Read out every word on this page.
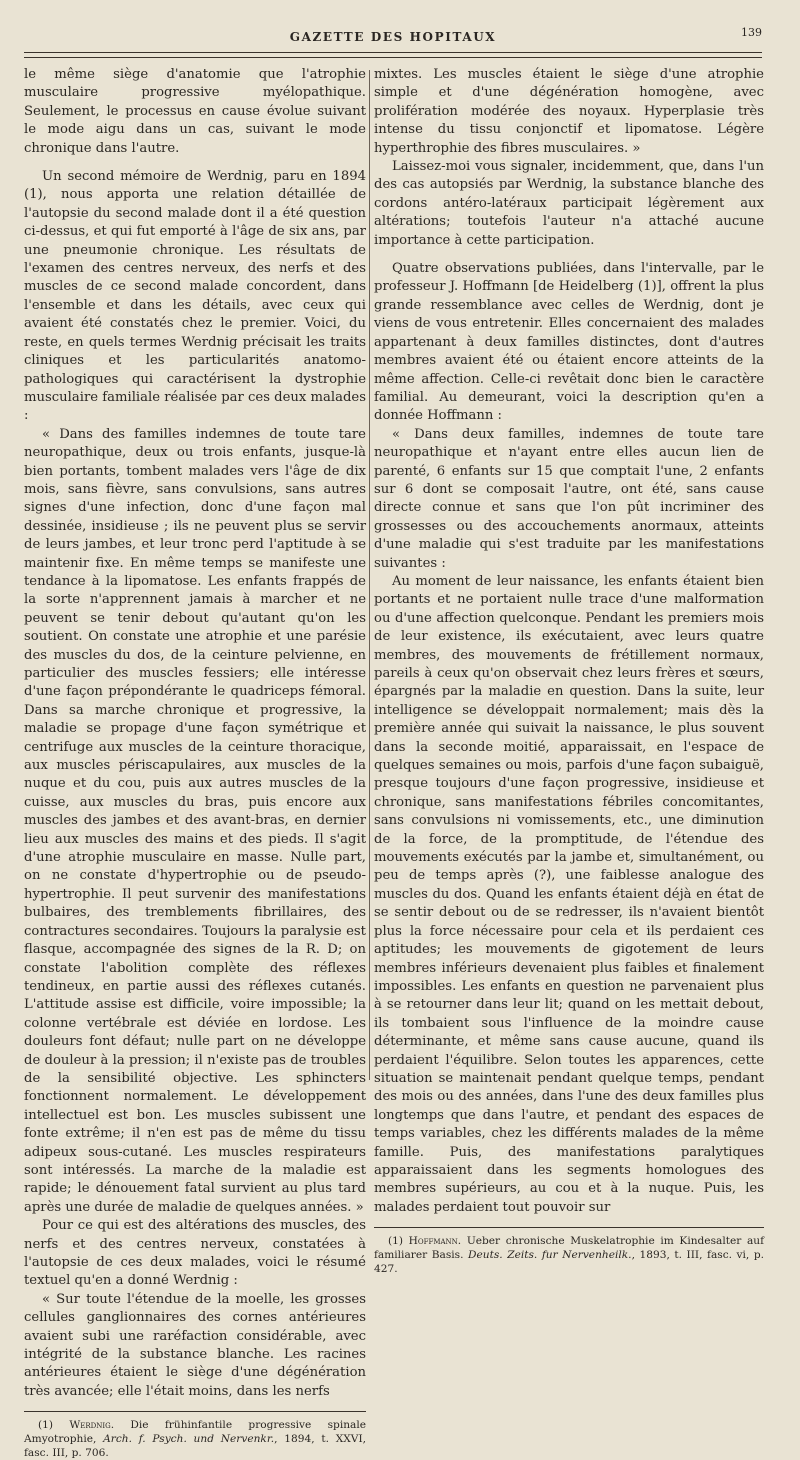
GAZETTE DES HOPITAUX	139

le même siège d'anatomie que l'atrophie musculaire progressive myélopathique. Seulement, le processus en cause évolue suivant le mode aigu dans un cas, suivant le mode chronique dans l'autre.

Un second mémoire de Werdnig, paru en 1894 (1), nous apporta une relation détaillée de l'autopsie du second malade dont il a été question ci-dessus, et qui fut emporté à l'âge de six ans, par une pneumonie chronique. Les résultats de l'examen des centres nerveux, des nerfs et des muscles de ce second malade concordent, dans l'ensemble et dans les détails, avec ceux qui avaient été constatés chez le premier. Voici, du reste, en quels termes Werdnig précisait les traits cliniques et les particularités anatomo-pathologiques qui caractérisent la dystrophie musculaire familiale réalisée par ces deux malades :

« Dans des familles indemnes de toute tare neuropathique, deux ou trois enfants, jusque-là bien portants, tombent malades vers l'âge de dix mois, sans fièvre, sans convulsions, sans autres signes d'une infection, donc d'une façon mal dessinée, insidieuse ; ils ne peuvent plus se servir de leurs jambes, et leur tronc perd l'aptitude à se maintenir fixe. En même temps se manifeste une tendance à la lipomatose. Les enfants frappés de la sorte n'apprennent jamais à marcher et ne peuvent se tenir debout qu'autant qu'on les soutient. On constate une atrophie et une parésie des muscles du dos, de la ceinture pelvienne, en particulier des muscles fessiers; elle intéresse d'une façon prépondérante le quadriceps fémoral. Dans sa marche chronique et progressive, la maladie se propage d'une façon symétrique et centrifuge aux muscles de la ceinture thoracique, aux muscles périscapulaires, aux muscles de la nuque et du cou, puis aux autres muscles de la cuisse, aux muscles du bras, puis encore aux muscles des jambes et des avant-bras, en dernier lieu aux muscles des mains et des pieds. Il s'agit d'une atrophie musculaire en masse. Nulle part, on ne constate d'hypertrophie ou de pseudo-hypertrophie. Il peut survenir des manifestations bulbaires, des tremblements fibrillaires, des contractures secondaires. Toujours la paralysie est flasque, accompagnée des signes de la R. D; on constate l'abolition complète des réflexes tendineux, en partie aussi des réflexes cutanés. L'attitude assise est difficile, voire impossible; la colonne vertébrale est déviée en lordose. Les douleurs font défaut; nulle part on ne développe de douleur à la pression; il n'existe pas de troubles de la sensibilité objective. Les sphincters fonctionnent normalement. Le développement intellectuel est bon. Les muscles subissent une fonte extrême; il n'en est pas de même du tissu adipeux sous-cutané. Les muscles respirateurs sont intéressés. La marche de la maladie est rapide; le dénouement fatal survient au plus tard après une durée de maladie de quelques années. »

Pour ce qui est des altérations des muscles, des nerfs et des centres nerveux, constatées à l'autopsie de ces deux malades, voici le résumé textuel qu'en a donné Werdnig :

« Sur toute l'étendue de la moelle, les grosses cellules ganglionnaires des cornes antérieures avaient subi une raréfaction considérable, avec intégrité de la substance blanche. Les racines antérieures étaient le siège d'une dégénération très avancée; elle l'était moins, dans les nerfs

(1) Werdnig. Die frühinfantile progressive spinale Amyotrophie, Arch. f. Psych. und Nervenkr., 1894, t. XXVI, fasc. III, p. 706.

mixtes. Les muscles étaient le siège d'une atrophie simple et d'une dégénération homogène, avec prolifération modérée des noyaux. Hyperplasie très intense du tissu conjonctif et lipomatose. Légère hyperthrophie des fibres musculaires. »

Laissez-moi vous signaler, incidemment, que, dans l'un des cas autopsiés par Werdnig, la substance blanche des cordons antéro-latéraux participait légèrement aux altérations; toutefois l'auteur n'a attaché aucune importance à cette participation.

Quatre observations publiées, dans l'intervalle, par le professeur J. Hoffmann [de Heidelberg (1)], offrent la plus grande ressemblance avec celles de Werdnig, dont je viens de vous entretenir. Elles concernaient des malades appartenant à deux familles distinctes, dont d'autres membres avaient été ou étaient encore atteints de la même affection. Celle-ci revêtait donc bien le caractère familial. Au demeurant, voici la description qu'en a donnée Hoffmann :

« Dans deux familles, indemnes de toute tare neuropathique et n'ayant entre elles aucun lien de parenté, 6 enfants sur 15 que comptait l'une, 2 enfants sur 6 dont se composait l'autre, ont été, sans cause directe connue et sans que l'on pût incriminer des grossesses ou des accouchements anormaux, atteints d'une maladie qui s'est traduite par les manifestations suivantes :

Au moment de leur naissance, les enfants étaient bien portants et ne portaient nulle trace d'une malformation ou d'une affection quelconque. Pendant les premiers mois de leur existence, ils exécutaient, avec leurs quatre membres, des mouvements de frétillement normaux, pareils à ceux qu'on observait chez leurs frères et sœurs, épargnés par la maladie en question. Dans la suite, leur intelligence se développait normalement; mais dès la première année qui suivait la naissance, le plus souvent dans la seconde moitié, apparaissait, en l'espace de quelques semaines ou mois, parfois d'une façon subaiguë, presque toujours d'une façon progressive, insidieuse et chronique, sans manifestations fébriles concomitantes, sans convulsions ni vomissements, etc., une diminution de la force, de la promptitude, de l'étendue des mouvements exécutés par la jambe et, simultanément, ou peu de temps après (?), une faiblesse analogue des muscles du dos. Quand les enfants étaient déjà en état de se sentir debout ou de se redresser, ils n'avaient bientôt plus la force nécessaire pour cela et ils perdaient ces aptitudes; les mouvements de gigotement de leurs membres inférieurs devenaient plus faibles et finalement impossibles. Les enfants en question ne parvenaient plus à se retourner dans leur lit; quand on les mettait debout, ils tombaient sous l'influence de la moindre cause déterminante, et même sans cause aucune, quand ils perdaient l'équilibre. Selon toutes les apparences, cette situation se maintenait pendant quelque temps, pendant des mois ou des années, dans l'une des deux familles plus longtemps que dans l'autre, et pendant des espaces de temps variables, chez les différents malades de la même famille. Puis, des manifestations paralytiques apparaissaient dans les segments homologues des membres supérieurs, au cou et à la nuque. Puis, les malades perdaient tout pouvoir sur

(1) Hoffmann. Ueber chronische Muskelatrophie im Kindesalter auf familiarer Basis. Deuts. Zeits. fur Nervenheilk., 1893, t. III, fasc. vi, p. 427.
